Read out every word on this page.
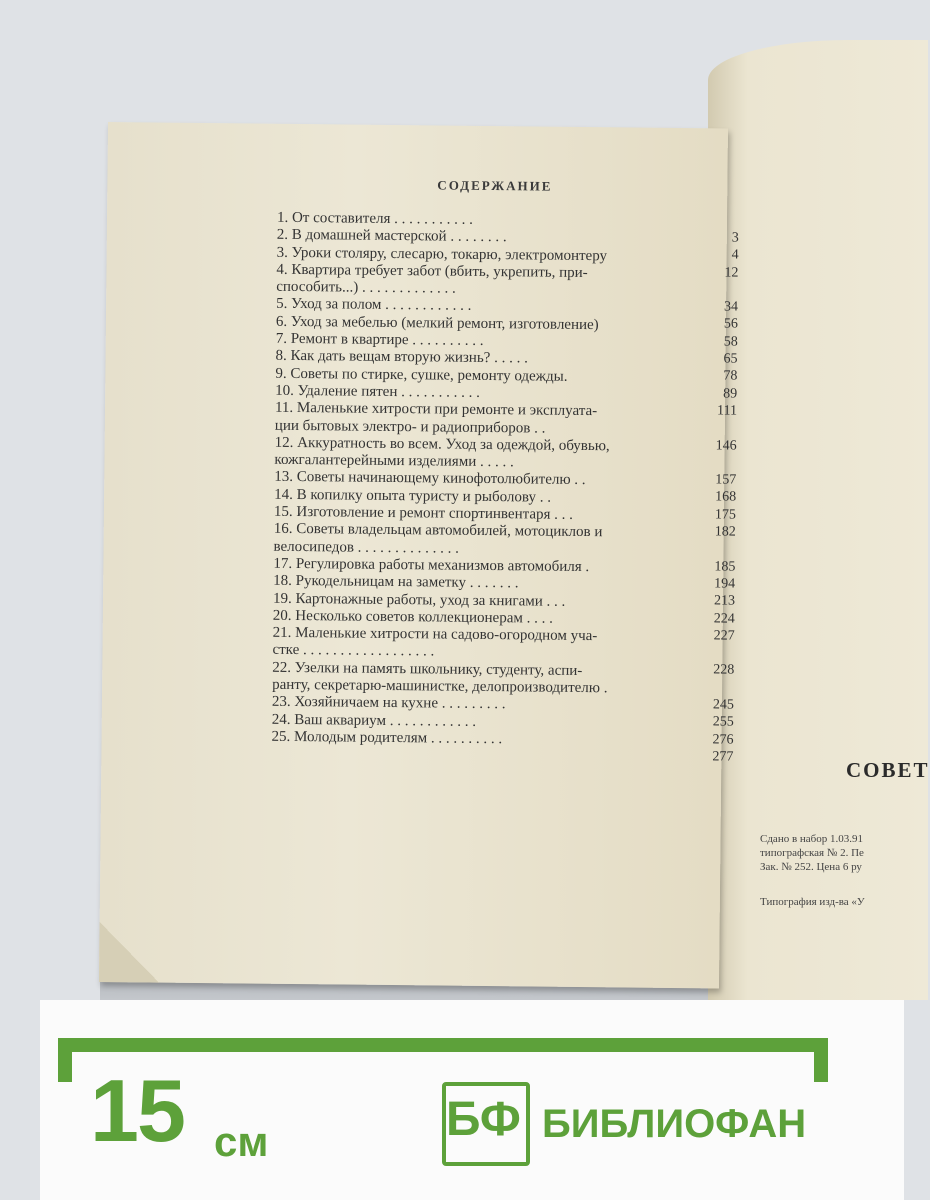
СОВЕТ
Сдано в набор 1.03.91
типографская № 2. Пе
Зак. № 252. Цена 6 ру
Типография изд-ва «У
СОДЕРЖАНИЕ
1. От составителя . . . . . . . . . . .
3
2. В домашней мастерской . . . . . . . .
4
3. Уроки столяру, слесарю, токарю, электромонтеру
12
4. Квартира требует забот (вбить, укрепить, при-
способить...) . . . . . . . . . . . . .
34
5. Уход за полом . . . . . . . . . . . .
56
6. Уход за мебелью (мелкий ремонт, изготовление)
58
7. Ремонт в квартире . . . . . . . . . .
65
8. Как дать вещам вторую жизнь? . . . . .
78
9. Советы по стирке, сушке, ремонту одежды.
89
10. Удаление пятен . . . . . . . . . . .
111
11. Маленькие хитрости при ремонте и эксплуата-
ции бытовых электро- и радиоприборов . .
146
12. Аккуратность во всем. Уход за одеждой, обувью,
кожгалантерейными изделиями . . . . .
157
13. Советы начинающему кинофотолюбителю . .
168
14. В копилку опыта туристу и рыболову . .
175
15. Изготовление и ремонт спортинвентаря . . .
182
16. Советы владельцам автомобилей, мотоциклов и
велосипедов . . . . . . . . . . . . . .
185
17. Регулировка работы механизмов автомобиля .
194
18. Рукодельницам на заметку . . . . . . .
213
19. Картонажные работы, уход за книгами . . .
224
20. Несколько советов коллекционерам . . . .
227
21. Маленькие хитрости на садово-огородном уча-
стке . . . . . . . . . . . . . . . . . .
228
22. Узелки на память школьнику, студенту, аспи-
ранту, секретарю-машинистке, делопроизводителю .
245
23. Хозяйничаем на кухне . . . . . . . . .
255
24. Ваш аквариум . . . . . . . . . . . .
276
25. Молодым родителям . . . . . . . . . .
277
15 см	БФ БИБЛИОФАН
